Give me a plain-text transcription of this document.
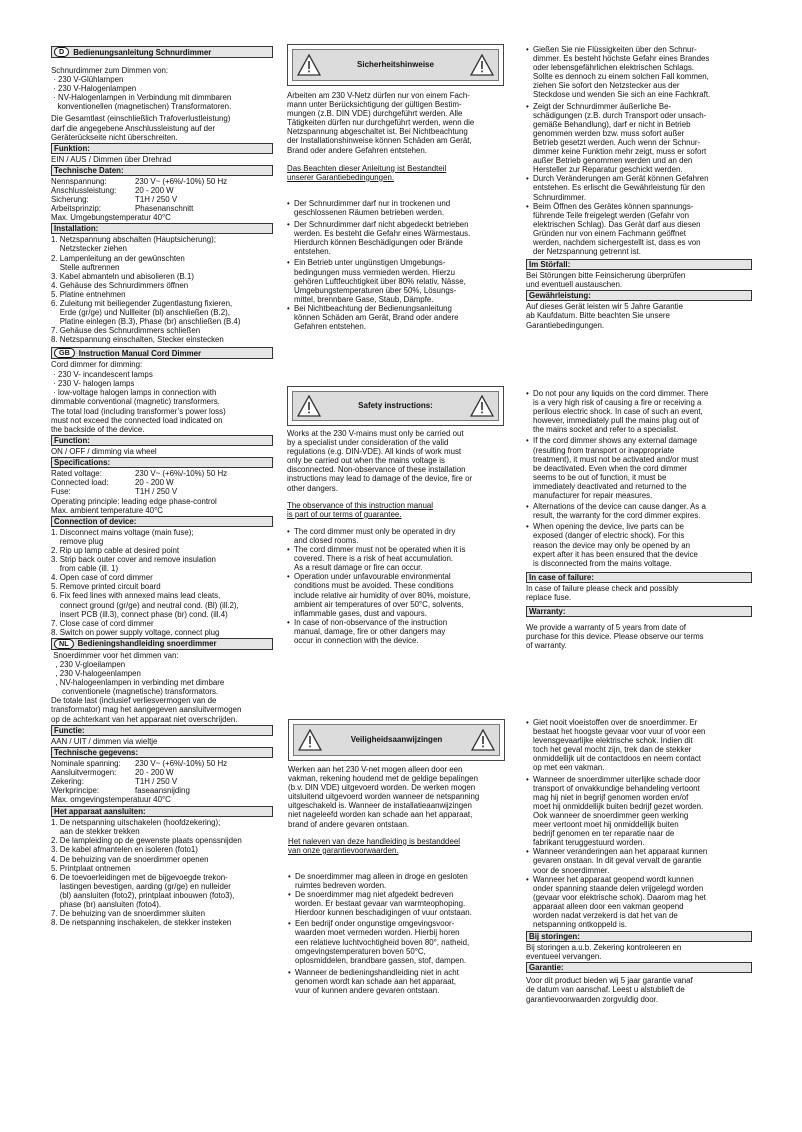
D	Bedienungsanleitung Schnurdimmer
Schnurdimmer zum Dimmen von:
· 230 V-Glühlampen
· 230 V-Halogenlampen
· NV-Halogenlampen in Verbindung mit dimmbaren
konventionellen (magnetischen) Transformatoren.
Die Gesamtlast (einschließlich Trafoverlustleistung)
darf die angegebene Anschlussleistung auf der
Geräterückseite nicht überschreiten.
Funktion:
EIN / AUS / Dimmen über Drehrad
Technische Daten:
Nennspannung:	230 V~ (+6%/-10%) 50 Hz
Anschlussleistung:	20 - 200 W
Sicherung:	T1H / 250 V
Arbeitsprinzip:	Phasenanschnitt
Max. Umgebungstemperatur 40°C
Installation:
1. Netzspannung abschalten (Hauptsicherung);
Netzstecker ziehen
2. Lampenleitung an der gewünschten
Stelle auftrennen
3. Kabel abmanteln und abisolieren (B.1)
4. Gehäuse des Schnurdimmers öffnen
5. Platine entnehmen
6. Zuleitung mit beiliegender Zugentlastung fixieren,
Erde (gr/ge) und Nullleiter (bl) anschließen (B.2),
Platine einlegen (B.3), Phase (br) anschließen (B.4)
7. Gehäuse des Schnurdimmers schließen
8. Netzspannung einschalten, Stecker einstecken
GB	Instruction Manual Cord Dimmer
Cord dimmer for dimming:
· 230 V- incandescent lamps
· 230 V- halogen lamps
· low-voltage halogen lamps in connection with
dimmable conventional (magnetic) transformers.
The total load (including transformer’s power loss)
must not exceed the connected load indicated on
the backside of the device.
Function:
ON / OFF / dimming via wheel
Specifications:
Rated voltage:	230 V~ (+6%/-10%) 50 Hz
Connected load:	20 - 200 W
Fuse:	T1H / 250 V
Operating principle: leading edge phase-control
Max. ambient temperature 40°C
Connection of device:
1. Disconnect mains voltage (main fuse);
remove plug
2. Rip up lamp cable at desired point
3. Strip back outer cover and remove insulation
from cable (ill. 1)
4. Open case of cord dimmer
5. Remove printed circuit board
6. Fix feed lines with annexed mains lead cleats,
connect ground (gr/ge) and neutral cond. (Bl) (ill.2),
insert PCB (ill.3), connect phase (br) cond. (ill.4)
7. Close case of cord dimmer
8. Switch on power supply voltage, connect plug
NL	Bedieningshandleiding snoerdimmer
Snoerdimmer voor het dimmen van:
, 230 V-gloeilampen
, 230 V-halogeenlampen
, NV-halogeenlampen in verbinding met dimbare
conventionele (magnetische) transformators.
De totale last (inclusief verliesvermogen van de
transformator) mag het aangegeven aansluitvermogen
op de achterkant van het apparaat niet overschrijden.
Functie:
AAN / UIT / dimmen via wieltje
Technische gegevens:
Nominale spanning:	230 V~ (+6%/-10%) 50 Hz
Aansluitvermogen:	20 - 200 W
Zekering:	T1H / 250 V
Werkprincipe:	faseaansnijding
Max. omgevingstemperatuur 40°C
Het apparaat aansluiten:
1. De netspanning uitschakelen (hoofdzekering);
aan de stekker trekken
2. De lampleiding op de gewenste plaats openssnijden
3. De kabel afmantelen en isoleren (foto1)
4. De behuizing van de snoerdimmer openen
5. Printplaat ontnemen
6. De toevoerleidingen met de bijgevoegde trekon-
lastingen bevestigen, aarding (gr/ge) en nulleider
(bl) aansluiten (foto2), printplaat inbouwen (foto3),
phase (br) aansluiten (foto4).
7. De behuizing van de snoerdimmer sluiten
8. De netspanning inschakelen, de stekker insteken
Sicherheitshinweise
Arbeiten am 230 V-Netz dürfen nur von einem Fach-
mann unter Berücksichtigung der gültigen Bestim-
mungen (z.B. DIN VDE) durchgeführt werden. Alle
Tätigkeiten dürfen nur durchgeführt werden, wenn die
Netzspannung abgeschaltet ist. Bei Nichtbeachtung
der Installationshinweise können Schäden am Gerät,
Brand oder andere Gefahren entstehen.
Das Beachten dieser Anleitung ist Bestandteil
unserer Garantiebedingungen.
• Der Schnurdimmer darf nur in trockenen und
geschlossenen Räumen betrieben werden.
• Der Schnurdimmer darf nicht abgedeckt betrieben
werden. Es besteht die Gefahr eines Wärmestaus.
Hierdurch können Beschädigungen oder Brände
entstehen.
• Ein Betrieb unter ungünstigen Umgebungs-
bedingungen muss vermieden werden. Hierzu
gehören Luftfeuchtigkeit über 80% relativ, Nässe,
Umgebungstemperaturen über 50%, Lösungs-
mittel, brennbare Gase, Staub, Dämpfe.
• Bei Nichtbeachtung der Bedienungsanleitung
können Schäden am Gerät, Brand oder andere
Gefahren entstehen.
Safety instructions:
Works at the 230 V-mains must only be carried out
by a specialist under consideration of the valid
regulations (e.g. DIN-VDE). All kinds of work must
only be carried out when the mains voltage is
disconnected. Non-observance of these installation
instructions may lead to damage of the device, fire or
other dangers.
The observance of this instruction manual
is part of our terms of guarantee.
• The cord dimmer must only be operated in dry
and closed rooms.
• The cord dimmer must not be operated when it is
covered. There is a risk of heat accumulation.
As a result damage or fire can occur.
• Operation under unfavourable environmental
conditions must be avoided. These conditions
include relative air humidity of over 80%, moisture,
ambient air temperatures of over 50°C, solvents,
inflammable gases, dust and vapours.
• In case of non-observance of the instruction
manual, damage, fire or other dangers may
occur in connection with the device.
Veiligheidsaanwijzingen
Werken aan het 230 V-net mogen alleen door een
vakman, rekening houdend met de geldige bepalingen
(b.v. DIN VDE) uitgevoerd worden. De werken mogen
uitsluitend uitgevoerd worden wanneer de netspanning
uitgeschakeld is. Wanneer de installatieaanwijzingen
niet nageleefd worden kan schade aan het apparaat,
brand of andere gevaren ontstaan.
Het naleven van deze handleiding is bestanddeel
van onze garantievoorwaarden.
• De snoerdimmer mag alleen in droge en gesloten
ruimtes bedreven worden.
• De snoerdimmer mag niet afgedekt bedreven
worden. Er bestaat gevaar van warmteophoping.
Hierdoor kunnen beschadigingen of vuur ontstaan.
• Een bedrijf onder ongunstige omgevingsvoor-
waarden moet vermeden worden. Hierbij horen
een relatieve luchtvochtigheid boven 80°, natheid,
omgevingstemperaturen boven 50°C,
oplosmiddelen, brandbare gassen, stof, dampen.
• Wanneer de bedieningshandleiding niet in acht
genomen wordt kan schade aan het apparaat,
vuur of kunnen andere gevaren ontstaan.
• Gießen Sie nie Flüssigkeiten über den Schnur-
dimmer. Es besteht höchste Gefahr eines Brandes
oder lebensgefährlichen elektrischen Schlags.
Sollte es dennoch zu einem solchen Fall kommen,
ziehen Sie sofort den Netzstecker aus der
Steckdose und wenden Sie sich an eine Fachkraft.
• Zeigt der Schnurdimmer äußerliche Be-
schädigungen (z.B. durch Transport oder unsach-
gemäße Behandlung), darf er nicht in Betrieb
genommen werden bzw. muss sofort außer
Betrieb gesetzt werden. Auch wenn der Schnur-
dimmer keine Funktion mehr zeigt, muss er sofort
außer Betrieb genommen werden und an den
Hersteller zur Reparatur geschickt werden.
• Durch Veränderungen am Gerät können Gefahren
entstehen. Es erlischt die Gewährleistung für den
Schnurdimmer.
• Beim Öffnen des Gerätes können spannungs-
führende Teile freigelegt werden (Gefahr von
elektrischen Schlag). Das Gerät darf aus diesen
Gründen nur von einem Fachmann geöffnet
werden, nachdem sichergestellt ist, dass es von
der Netzspannung getrennt ist.
Im Störfall:
Bei Störungen bitte Feinsicherung überprüfen
und eventuell austauschen.
Gewährleistung:
Auf dieses Gerät leisten wir 5 Jahre Garantie
ab Kaufdatum. Bitte beachten Sie unsere
Garantiebedingungen.
• Do not pour any liquids on the cord dimmer. There
is a very high risk of causing a fire or receiving a
perilous electric shock. In case of such an event,
however, immediately pull the mains plug out of
the mains socket and refer to a specialist.
• If the cord dimmer shows any external damage
(resulting from transport or inappropriate
treatment), it must not be activated and/or must
be deactivated. Even when the cord dimmer
seems to be out of function, it must be
immediately deactivated and returned to the
manufacturer for repair measures.
• Alternations of the device can cause danger. As a
result, the warranty for the cord dimmer expires.
• When opening the device, live parts can be
exposed (danger of electric shock). For this
reason the device may only be opened by an
expert after it has been ensured that the device
is disconnected from the mains voltage.
In case of failure:
In case of failure please check and possibly
replace fuse.
Warranty:
We provide a warranty of 5 years from date of
purchase for this device. Please observe our terms
of warranty.
• Giet nooit vloeistoffen over de snoerdimmer. Er
bestaat het hoogste gevaar voor vuur of voor een
levensgevaarlijke elektrische schok. Indien dit
toch het geval mocht zijn, trek dan de stekker
onmiddellijk uit de contactdoos en neem contact
op met een vakman.
• Wanneer de snoerdimmer uiterlijke schade door
transport of onvakkundige behandeling vertoont
mag hij niet in begrijf genomen worden en/of
moet hij onmiddellijk buiten bedrijf gezet worden.
Ook wanneer de snoerdimmer geen werking
meer vertoont moet hij onmiddellijk buiten
bedrijf genomen en ter reparatie naar de
fabrikant teruggestuurd worden.
• Wanneer veranderingen aan het apparaat kunnen
gevaren onstaan. In dit geval vervalt de garantie
voor de snoerdimmer.
• Wanneer het apparaat geopend wordt kunnen
onder spanning staande delen vrijgelegd worden
(gevaar voor elektrische schok). Daarom mag het
apparaat alleen door een vakman geopend
worden nadat verzekerd is dat het van de
netspanning ontkoppeld is.
Bij storingen:
Bij storingen a.u.b. Zekering kontroleeren en
eventueel vervangen.
Garantie:
Voor dit product bieden wij 5 jaar garantie vanaf
de datum van aanschaf. Leest u alstublieft de
garantievoorwaarden zorgvuldig door.
